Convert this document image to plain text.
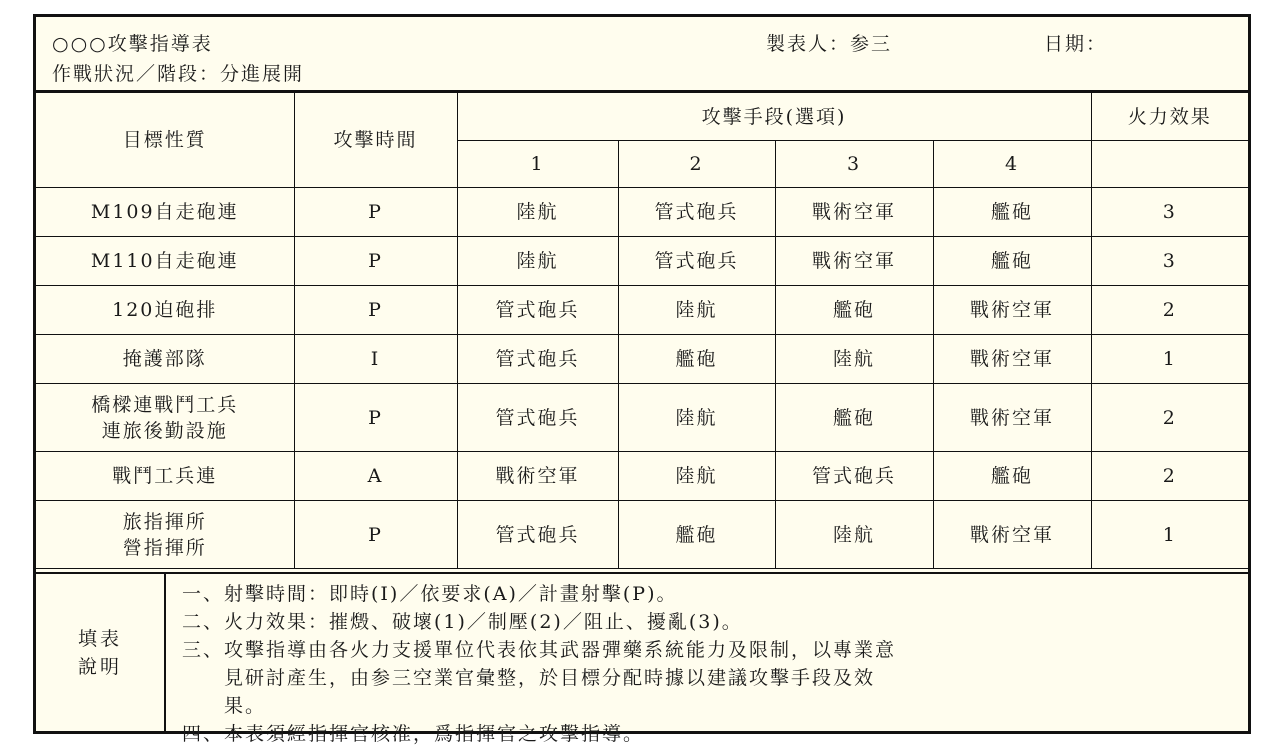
○○○攻擊指導表
作戰狀況／階段：分進展開
製表人：参三	日期：
目標性質	攻擊時間	攻擊手段(選項)				火力效果
		1	2	3	4	

M109自走砲連	P	陸航	管式砲兵	戰術空軍	艦砲	3

M110自走砲連	P	陸航	管式砲兵	戰術空軍	艦砲	3

120迫砲排	P	管式砲兵	陸航	艦砲	戰術空軍	2

掩護部隊	I	管式砲兵	艦砲	陸航	戰術空軍	1

橋樑連戰鬥工兵
連旅後勤設施	P	管式砲兵	陸航	艦砲	戰術空軍	2

戰鬥工兵連	A	戰術空軍	陸航	管式砲兵	艦砲	2

旅指揮所
營指揮所	P	管式砲兵	艦砲	陸航	戰術空軍	1
填表
說明
一、 射擊時間：即時(I)／依要求(A)／計畫射擊(P)。
二、 火力效果：摧燬、破壞(1)／制壓(2)／阻止、擾亂(3)。
三、 攻擊指導由各火力支援單位代表依其武器彈藥系統能力及限制，以專業意
見研討產生，由参三空業官彙整，於目標分配時據以建議攻擊手段及效
果。
四、 本表須經指揮官核准，爲指揮官之攻擊指導。
